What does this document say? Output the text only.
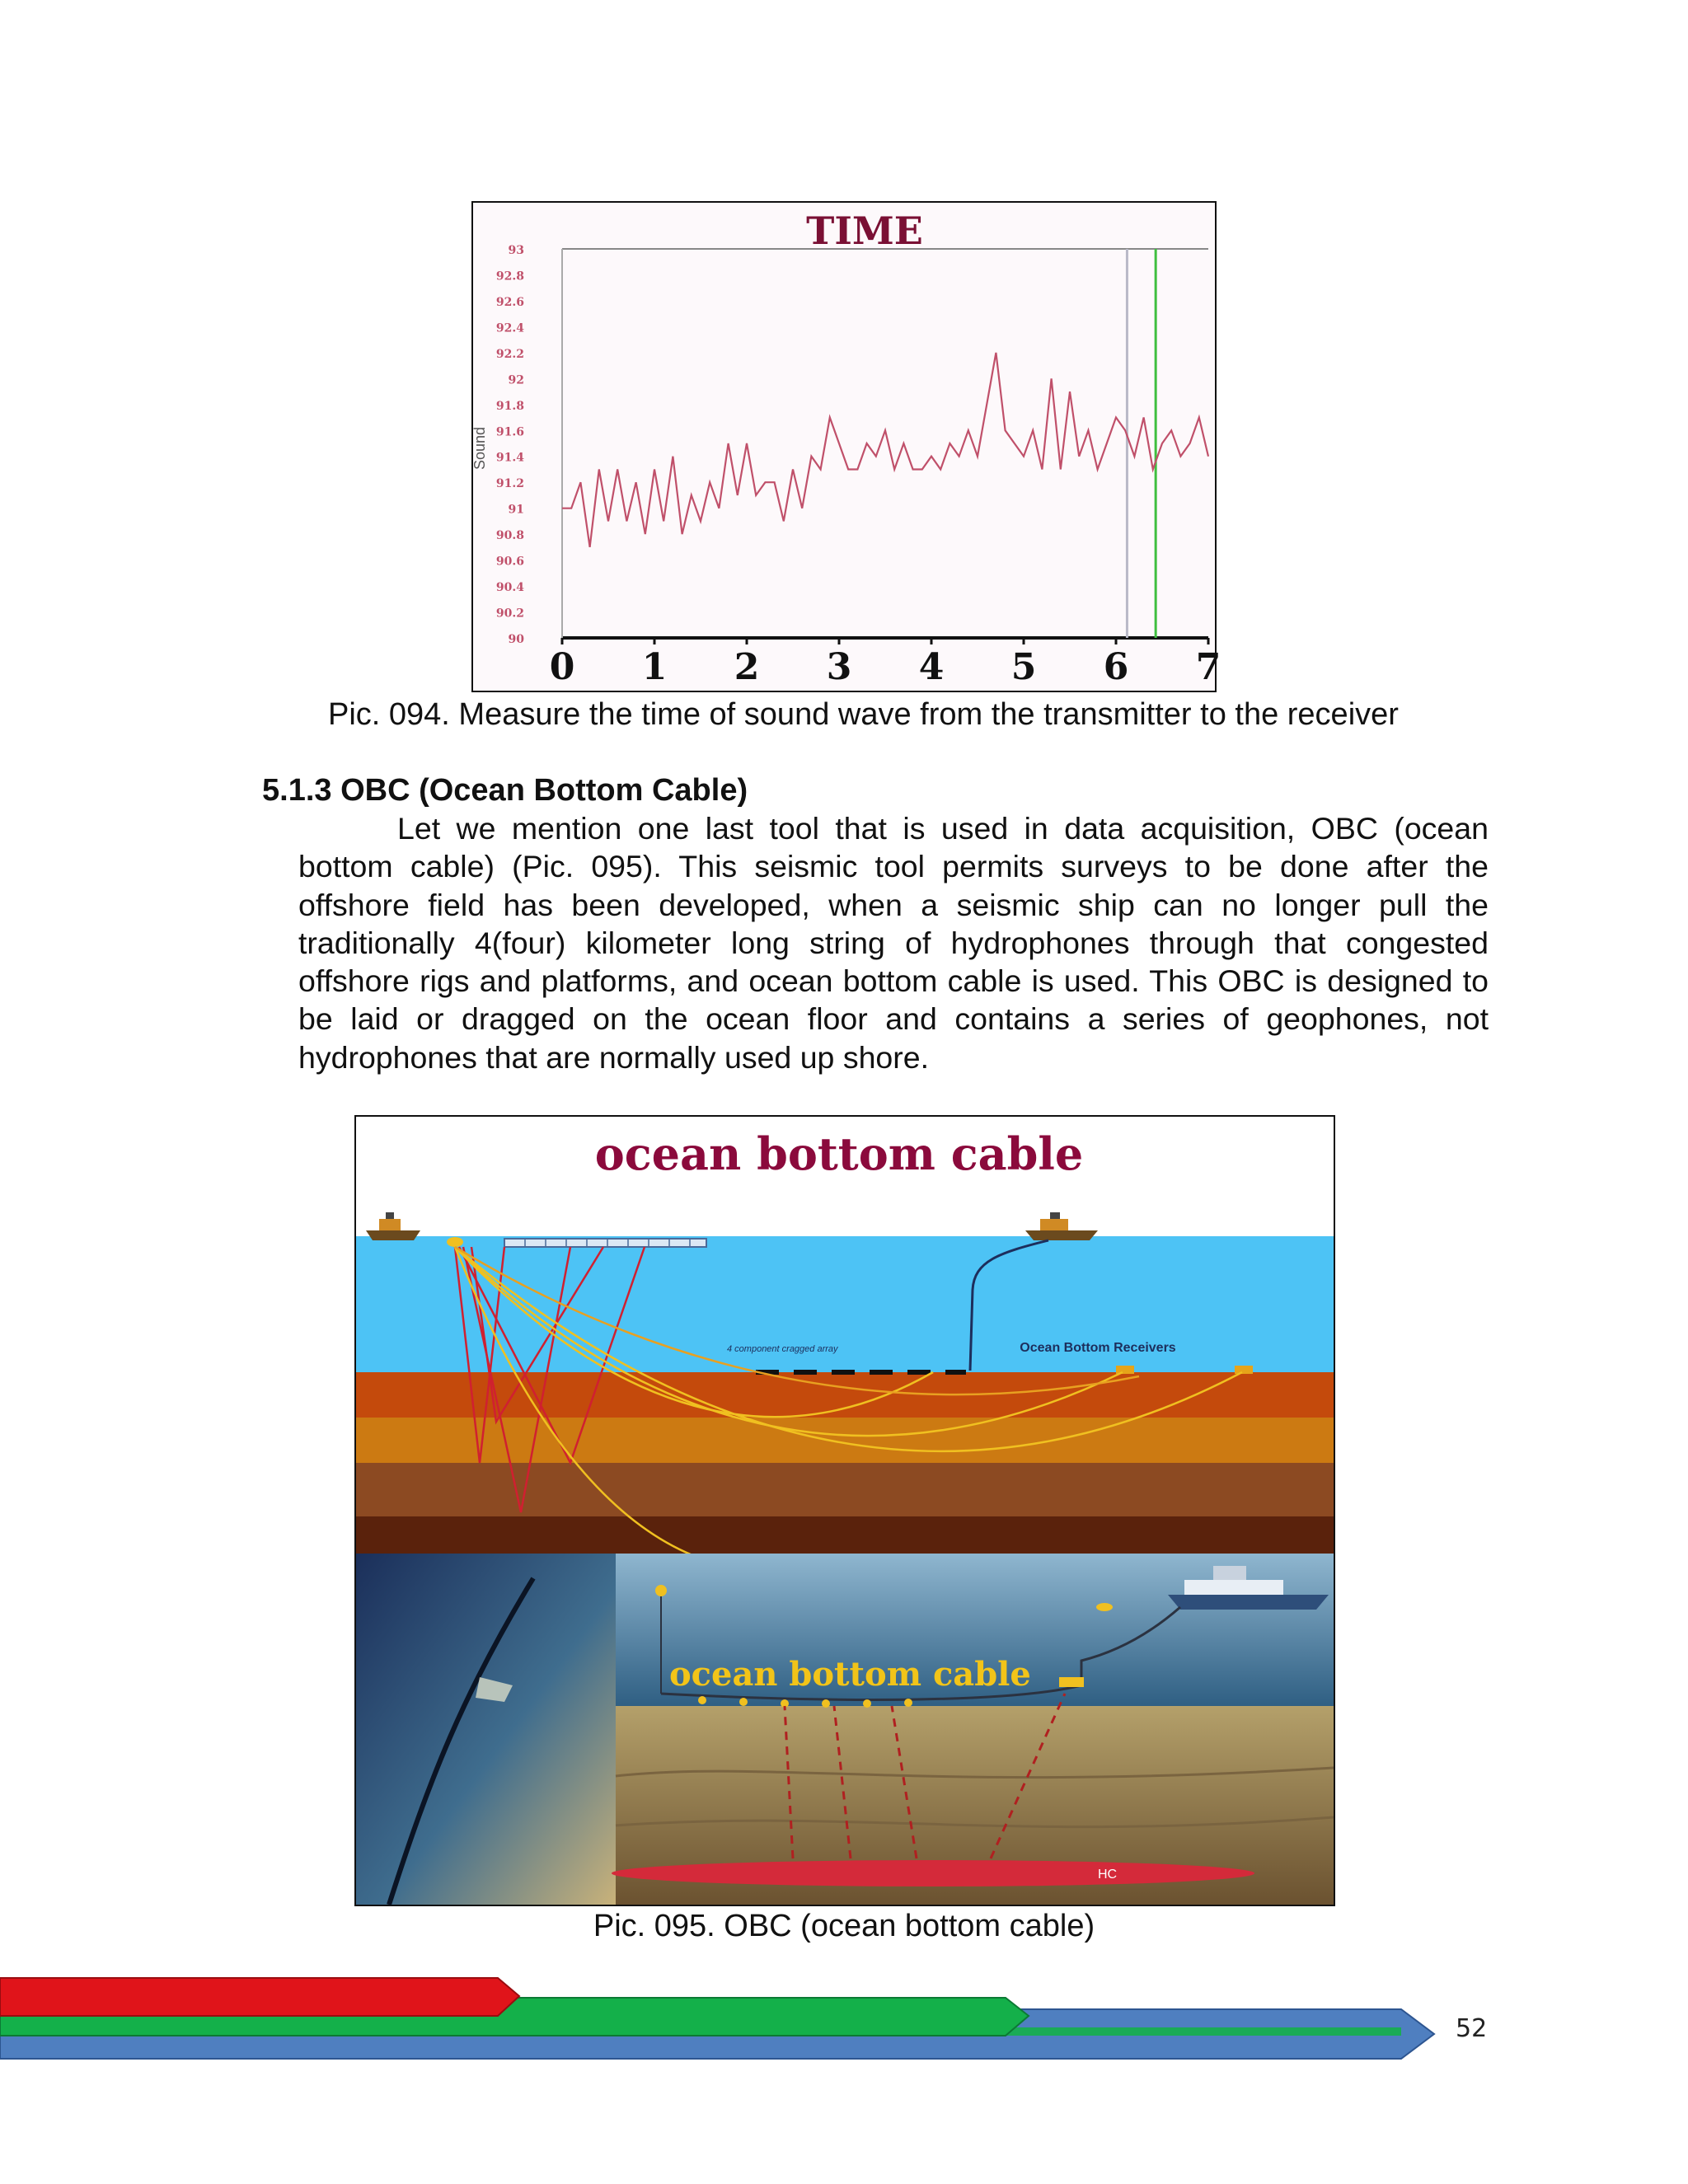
TIME
Sound
90
90.2
90.4
90.6
90.8
91
91.2
91.4
91.6
91.8
92
92.2
92.4
92.6
92.8
93
0 1 2 3 4 5 6 7
Pic. 094. Measure the time of sound wave from the transmitter to the receiver
5.1.3 OBC (Ocean Bottom Cable)
Let we mention one last tool that is used in data acquisition, OBC (ocean bottom cable) (Pic. 095). This seismic tool permits surveys to be done after the offshore field has been developed, when a seismic ship can no longer pull the traditionally 4(four) kilometer long string of hydrophones through that congested offshore rigs and platforms, and ocean bottom cable is used. This OBC is designed to be laid or dragged on the ocean floor and contains a series of geophones, not hydrophones that are normally used up shore.
ocean bottom cable
4 component cragged array	Ocean Bottom Receivers
ocean bottom cable
HC
Pic. 095. OBC (ocean bottom cable)
52
